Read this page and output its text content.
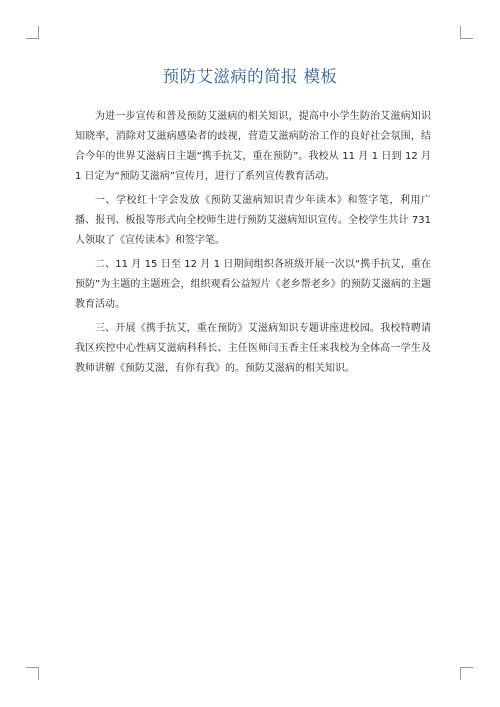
预防艾滋病的简报 模板

为进一步宣传和普及预防艾滋病的相关知识，提高中小学生防治艾滋病知识知晓率，消除对艾滋病感染者的歧视，营造艾滋病防治工作的良好社会氛围，结合今年的世界艾滋病日主题“携手抗艾，重在预防”。我校从 11 月 1 日到 12 月 1 日定为“预防艾滋病”宣传月，进行了系列宣传教育活动。

一、学校红十字会发放《预防艾滋病知识青少年读本》和签字笔，利用广播、报刊、板报等形式向全校师生进行预防艾滋病知识宣传。全校学生共计 731 人领取了《宣传读本》和签字笔。

二、11 月 15 日至 12 月 1 日期间组织各班级开展一次以“携手抗艾，重在预防”为主题的主题班会，组织观看公益短片《老乡帮老乡》的预防艾滋病的主题教育活动。

三、开展《携手抗艾，重在预防》艾滋病知识专题讲座进校园。我校特聘请我区疾控中心性病艾滋病科科长、主任医师闫玉香主任来我校为全体高一学生及教师讲解《预防艾滋，有你有我》的。预防艾滋病的相关知识。
